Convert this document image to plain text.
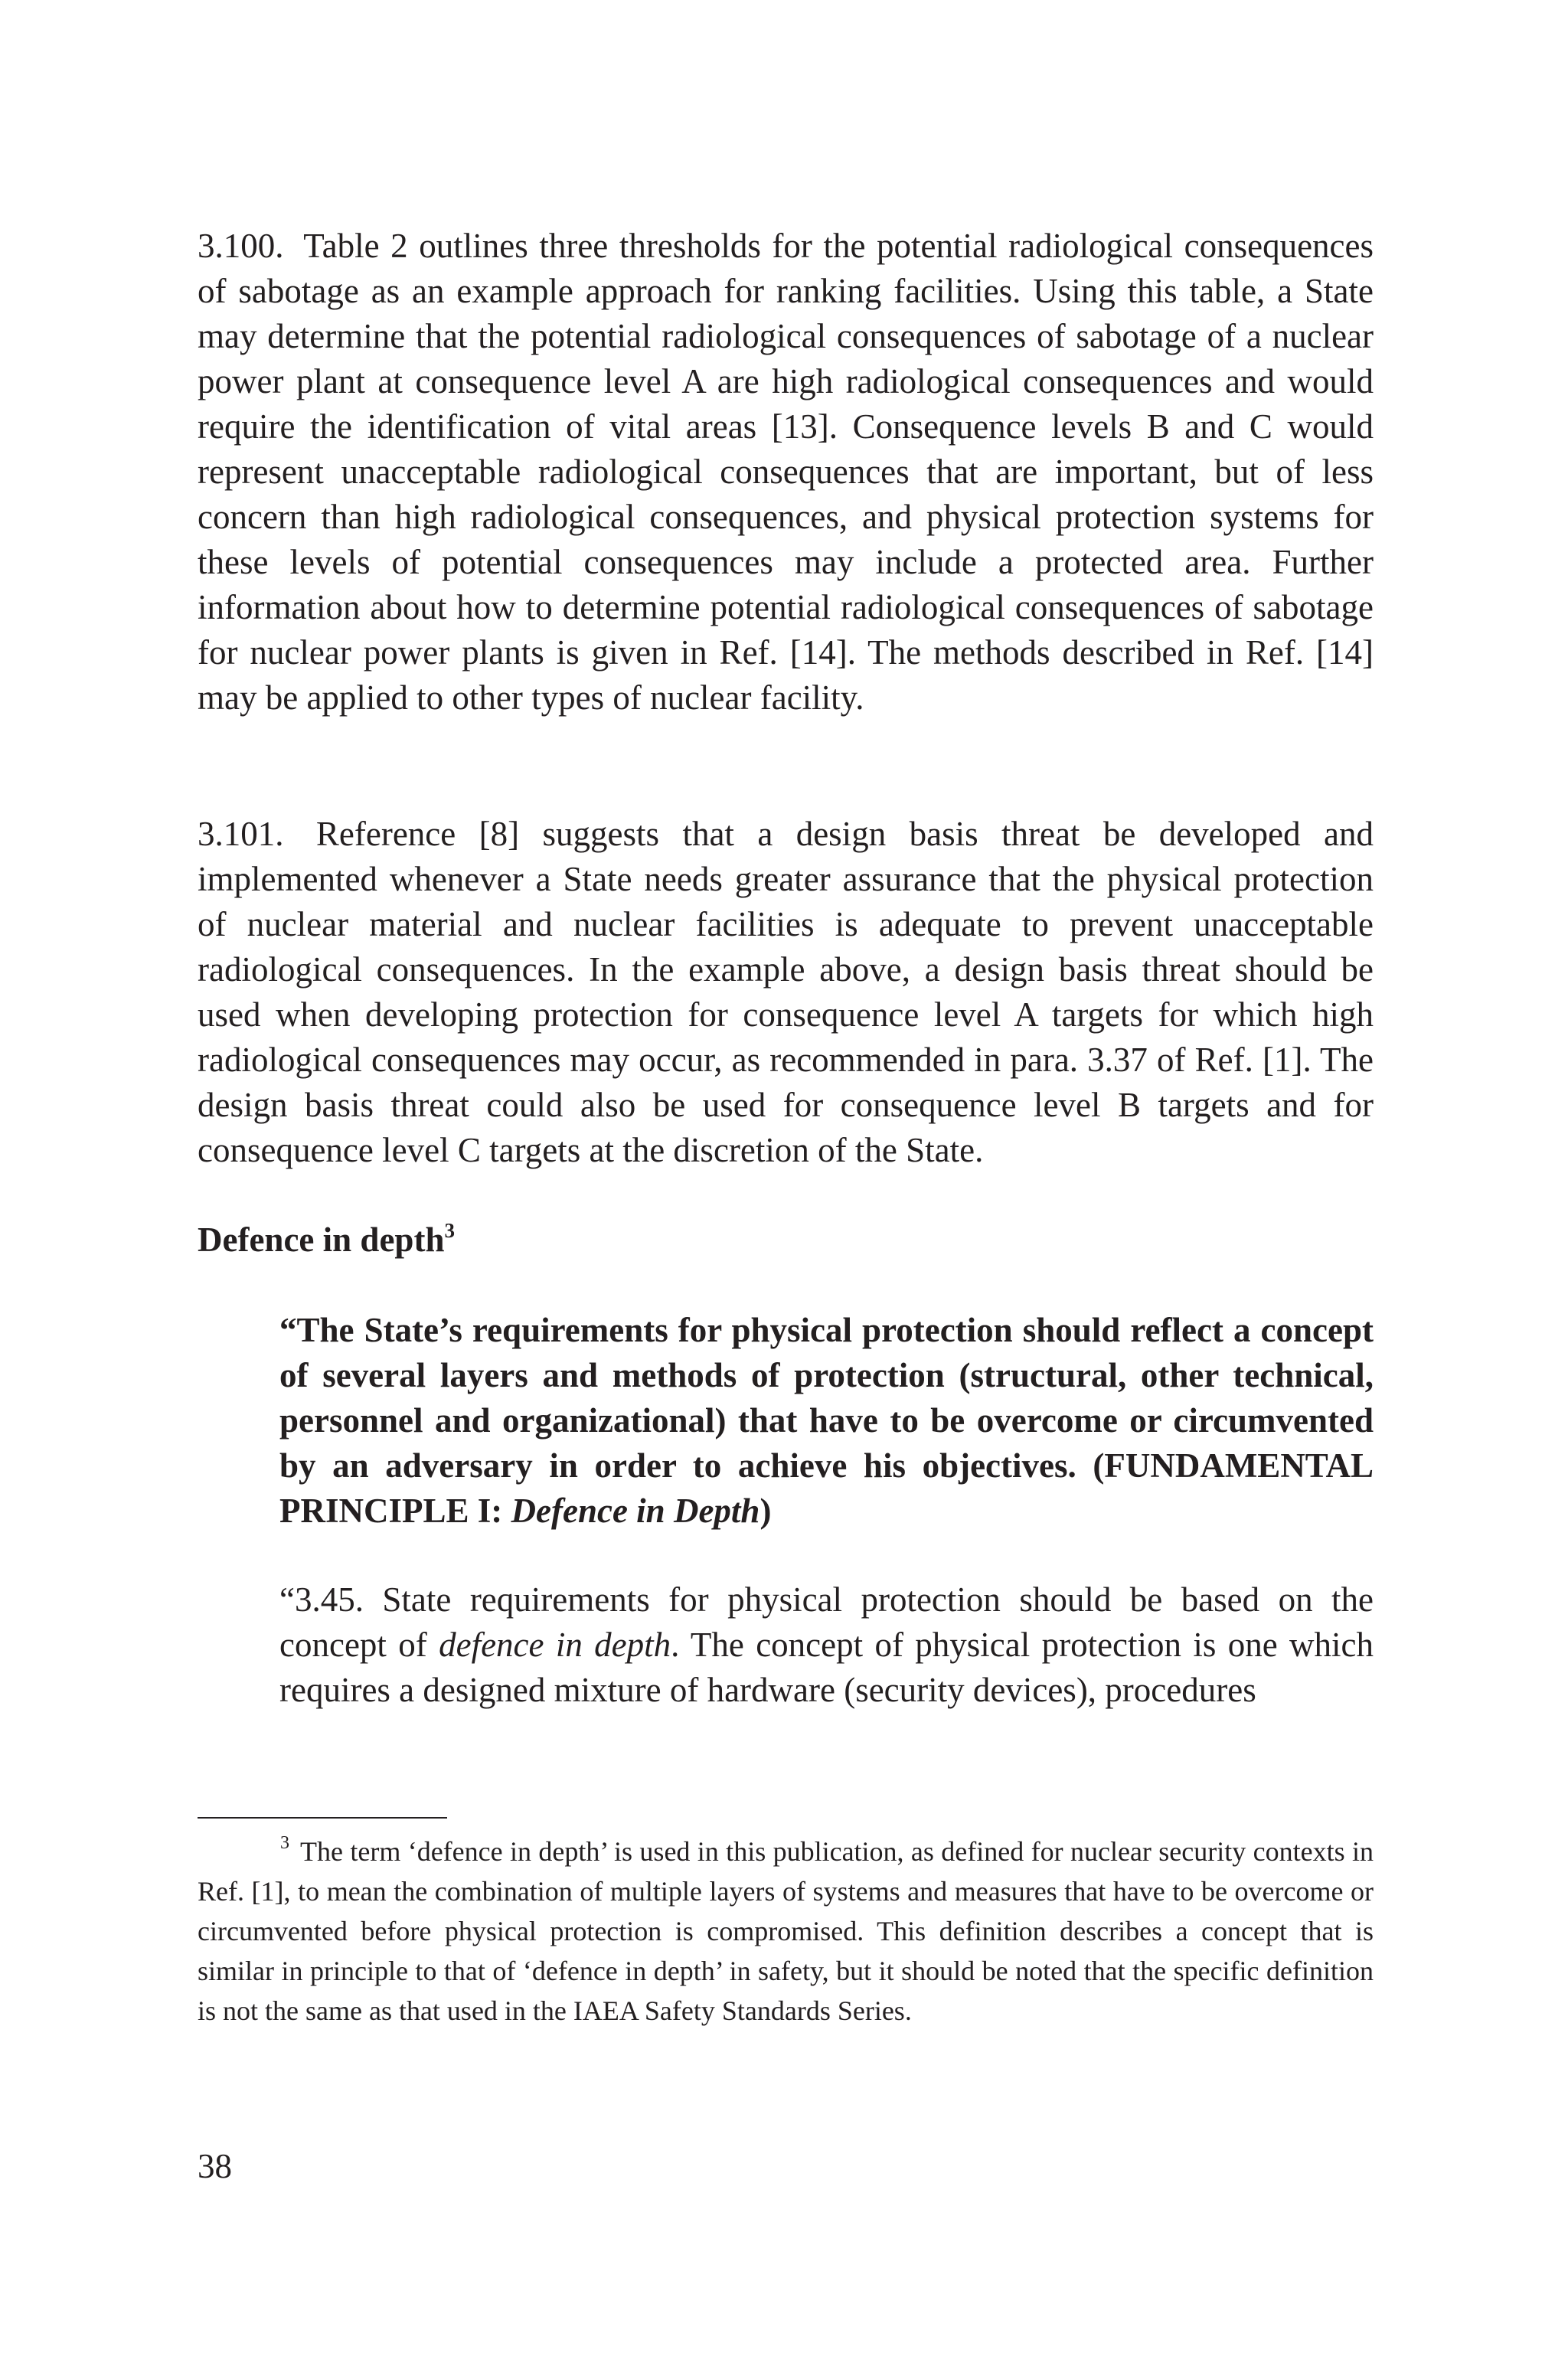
3.100. Table 2 outlines three thresholds for the potential radiological consequences of sabotage as an example approach for ranking facilities. Using this table, a State may determine that the potential radiological consequences of sabotage of a nuclear power plant at consequence level A are high radiological consequences and would require the identification of vital areas [13]. Consequence levels B and C would represent unacceptable radiological consequences that are important, but of less concern than high radiological consequences, and physical protection systems for these levels of potential consequences may include a protected area. Further information about how to determine potential radiological consequences of sabotage for nuclear power plants is given in Ref. [14]. The methods described in Ref. [14] may be applied to other types of nuclear facility.

3.101. Reference [8] suggests that a design basis threat be developed and implemented whenever a State needs greater assurance that the physical protection of nuclear material and nuclear facilities is adequate to prevent unacceptable radiological consequences. In the example above, a design basis threat should be used when developing protection for consequence level A targets for which high radiological consequences may occur, as recommended in para. 3.37 of Ref. [1]. The design basis threat could also be used for consequence level B targets and for consequence level C targets at the discretion of the State.

Defence in depth$^3$

“The State’s requirements for physical protection should reflect a concept of several layers and methods of protection (structural, other technical, personnel and organizational) that have to be overcome or circumvented by an adversary in order to achieve his objectives. (FUNDAMENTAL PRINCIPLE I: Defence in Depth)

“3.45. State requirements for physical protection should be based on the concept of defence in depth. The concept of physical protection is one which requires a designed mixture of hardware (security devices), procedures

$^3$ The term ‘defence in depth’ is used in this publication, as defined for nuclear security contexts in Ref. [1], to mean the combination of multiple layers of systems and measures that have to be overcome or circumvented before physical protection is compromised. This definition describes a concept that is similar in principle to that of ‘defence in depth’ in safety, but it should be noted that the specific definition is not the same as that used in the IAEA Safety Standards Series.

38
